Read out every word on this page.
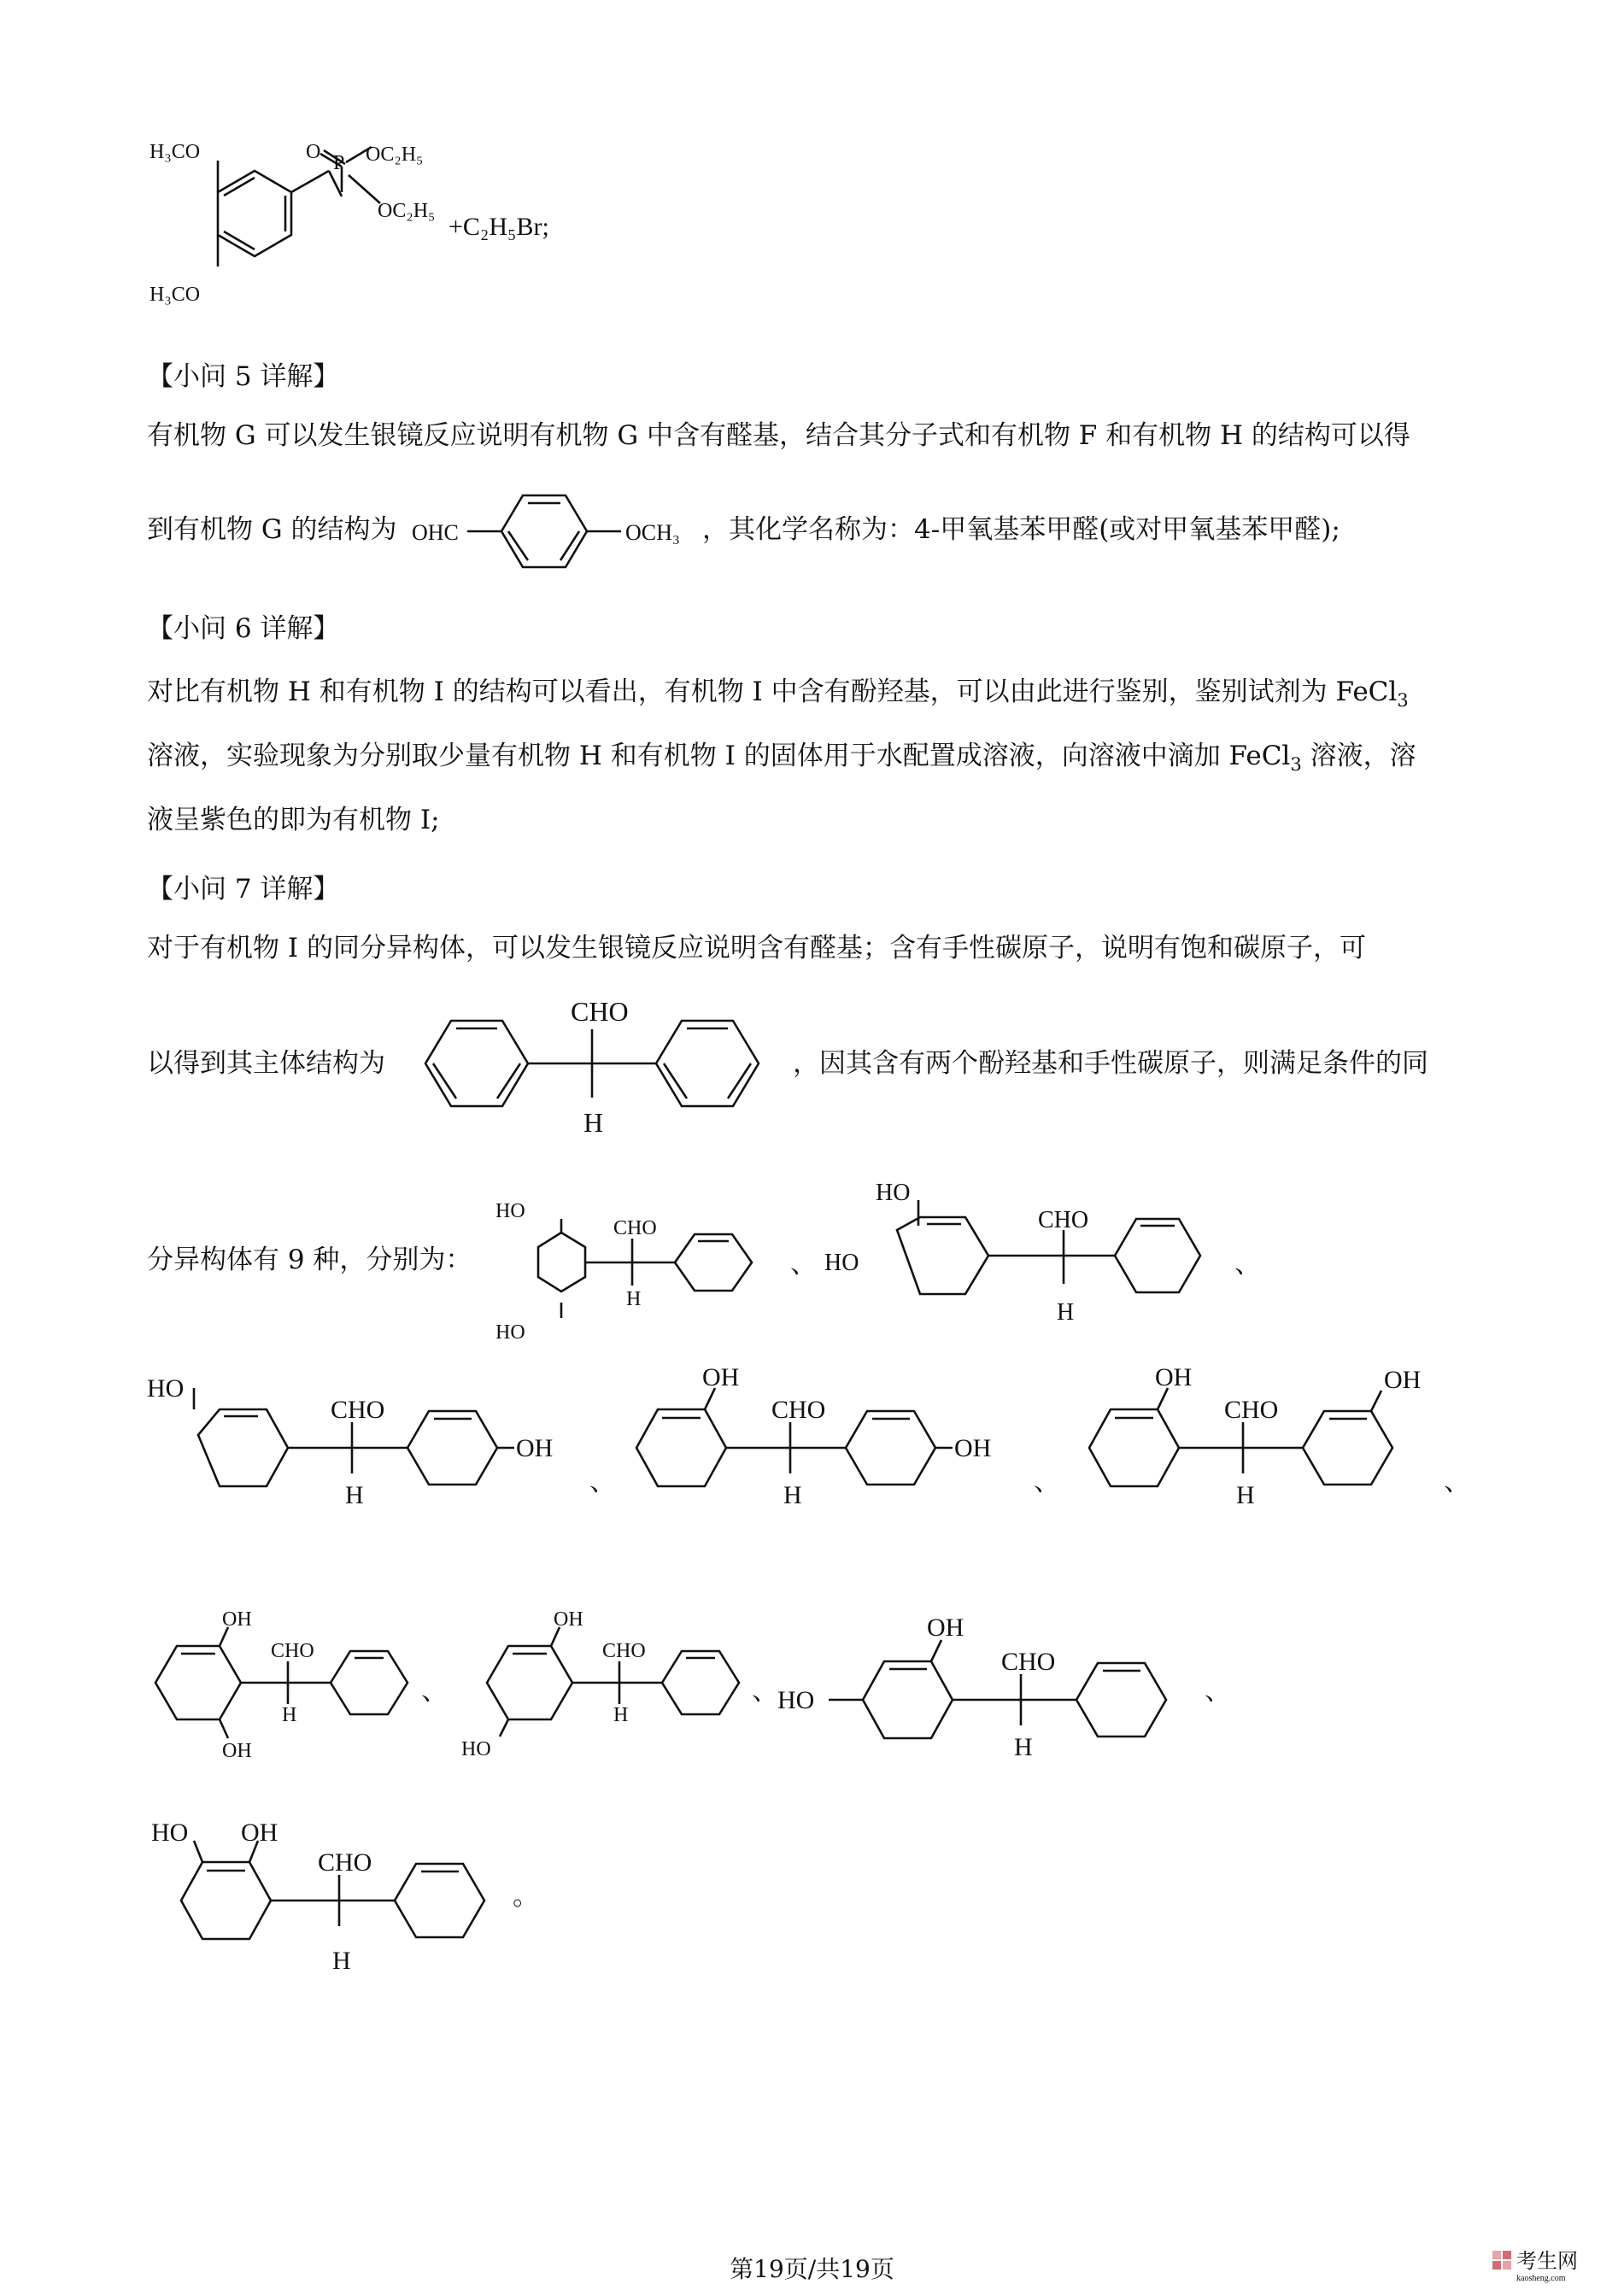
H₃CO
H₃CO
P
O OC₂H₅
OC₂H₅
+C₂H₅Br;
【小问 5 详解】
有机物 G 可以发生银镜反应说明有机物 G 中含有醛基，结合其分子式和有机物 F 和有机物 H 的结构可以得
到有机物 G 的结构为 OHC	OCH₃ ，其化学名称为：4-甲氧基苯甲醛(或对甲氧基苯甲醛);
【小问 6 详解】
对比有机物 H 和有机物 I 的结构可以看出，有机物 I 中含有酚羟基，可以由此进行鉴别，鉴别试剂为 FeCl$_3$
溶液，实验现象为分别取少量有机物 H 和有机物 I 的固体用于水配置成溶液，向溶液中滴加 FeCl$_3$ 溶液，溶
液呈紫色的即为有机物 I;
【小问 7 详解】
对于有机物 I 的同分异构体，可以发生银镜反应说明含有醛基；含有手性碳原子，说明有饱和碳原子，可
以得到其主体结构为
CHO
H
，因其含有两个酚羟基和手性碳原子，则满足条件的同
分异构体有 9 种，分别为：
HO
HO
CHO
H
、
HO
HO
CHO
H
、
HO
CHO
H
OH
、
OH
CHO
H
OH
、
OH
CHO
H
OH
、
OH
OH
CHO
H
、
OH
HO
CHO
H
、 HO
OH
CHO
H
、
HO OH
CHO
H
。
第19页/共19页	考生网
kaosheng.com
